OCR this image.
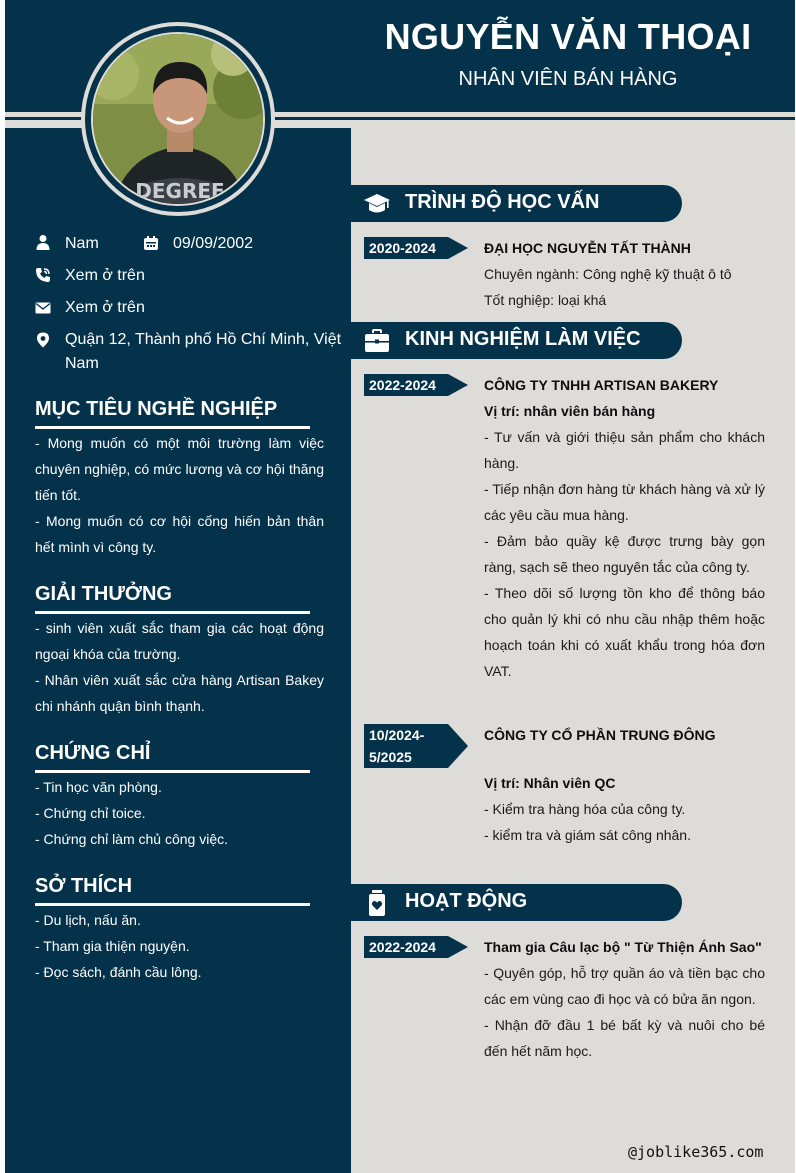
NGUYỄN VĂN THOẠI
NHÂN VIÊN BÁN HÀNG
DEGREE
Nam	09/09/2002
Xem ở trên
Xem ở trên
Quận 12, Thành phố Hồ Chí Minh, Việt Nam
MỤC TIÊU NGHỀ NGHIỆP

- Mong muốn có một môi trường làm việc chuyên nghiệp, có mức lương và cơ hội thăng tiến tốt.

- Mong muốn có cơ hội cống hiến bản thân hết mình vì công ty.

GIẢI THƯỞNG

- sinh viên xuất sắc tham gia các hoạt động ngoại khóa của trường.

- Nhân viên xuất sắc cửa hàng Artisan Bakey chi nhánh quận bình thạnh.

CHỨNG CHỈ

- Tin học văn phòng.

- Chứng chỉ toice.

- Chứng chỉ làm chủ công việc.

SỞ THÍCH

- Du lịch, nấu ăn.

- Tham gia thiện nguyện.

- Đọc sách, đánh cầu lông.

TRÌNH ĐỘ HỌC VẤN
2020-2024	ĐẠI HỌC NGUYỄN TẤT THÀNH

Chuyên ngành: Công nghệ kỹ thuật ô tô

Tốt nghiệp: loại khá

KINH NGHIỆM LÀM VIỆC
2022-2024	CÔNG TY TNHH ARTISAN BAKERY

Vị trí: nhân viên bán hàng

- Tư vấn và giới thiệu sản phẩm cho khách hàng.

- Tiếp nhận đơn hàng từ khách hàng và xử lý các yêu cầu mua hàng.

- Đảm bảo quầy kệ được trưng bày gọn ràng, sạch sẽ theo nguyên tắc của công ty.

- Theo dõi số lượng tồn kho để thông báo cho quản lý khi có nhu cầu nhập thêm hoặc hoạch toán khi có xuất khẩu trong hóa đơn VAT.

10/2024-
5/2025

CÔNG TY CỔ PHẦN TRUNG ĐÔNG

Vị trí: Nhân viên QC

- Kiểm tra hàng hóa của công ty.

- kiểm tra và giám sát công nhân.

HOẠT ĐỘNG
2022-2024	Tham gia Câu lạc bộ " Từ Thiện Ánh Sao"

- Quyên góp, hỗ trợ quần áo và tiền bạc cho các em vùng cao đi học và có bửa ăn ngon.

- Nhận đỡ đầu 1 bé bất kỳ và nuôi cho bé đến hết năm học.

@joblike365.com
